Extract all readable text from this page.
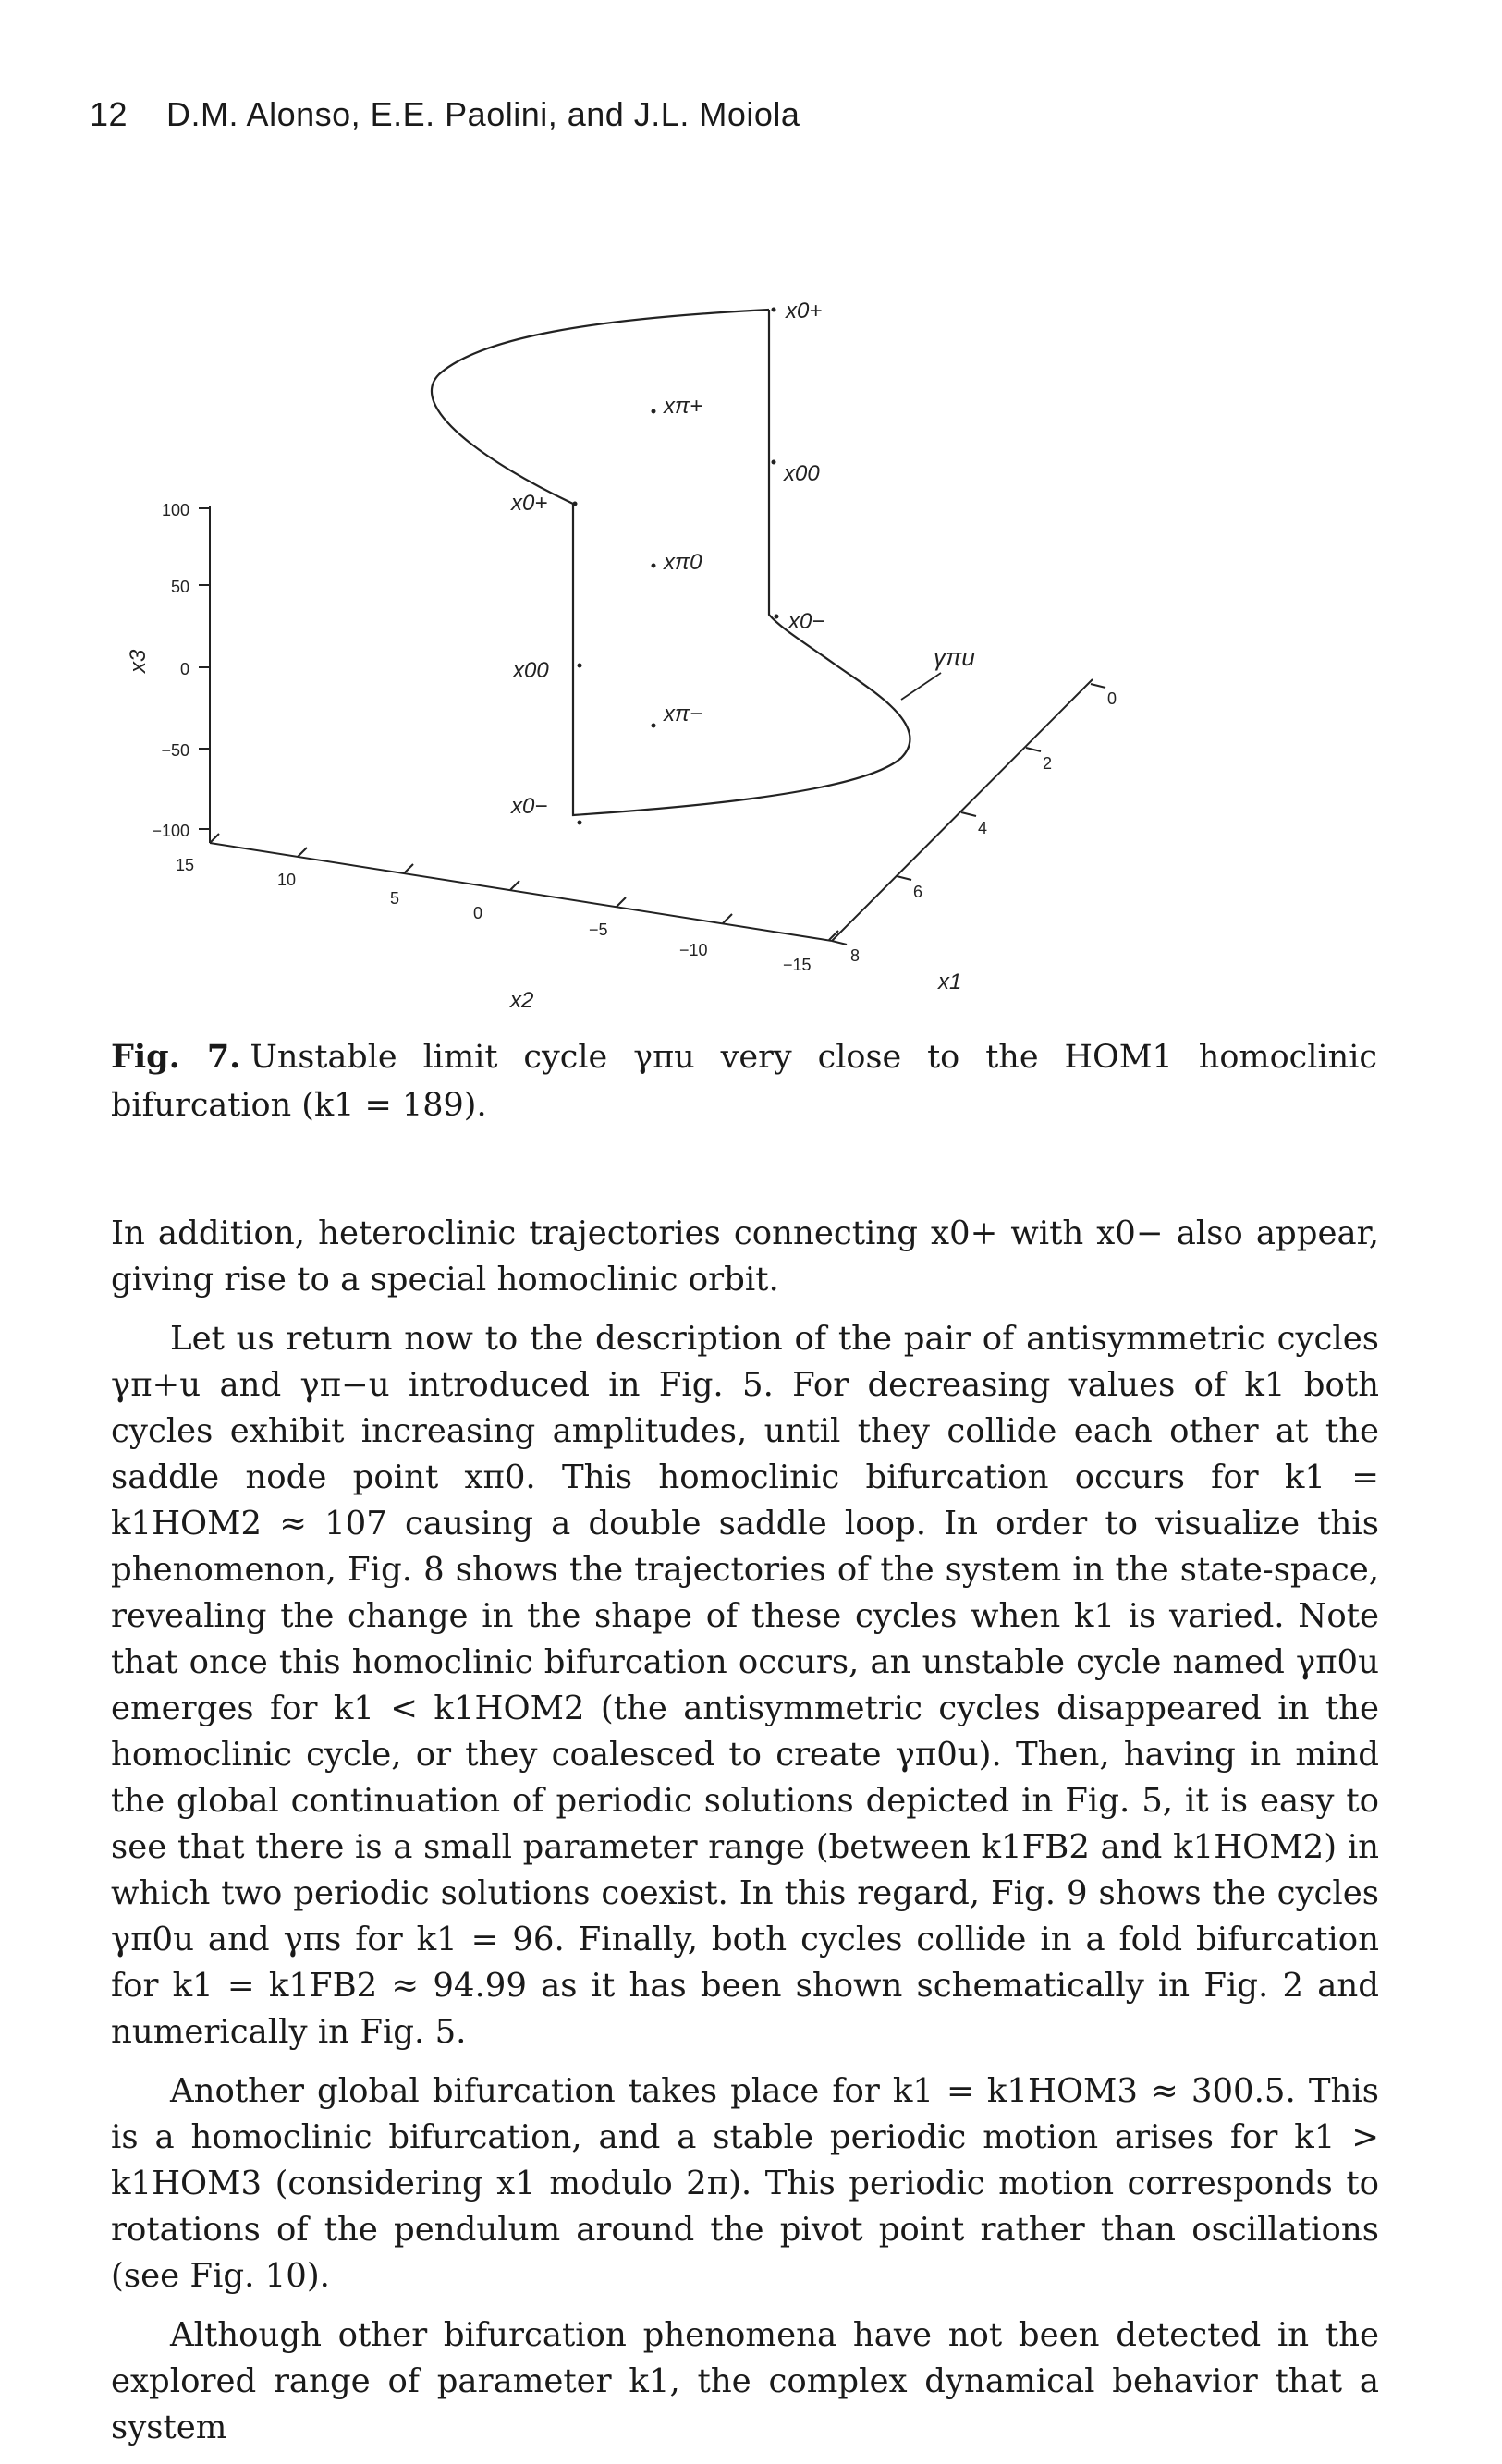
12 D.M. Alonso, E.E. Paolini, and J.L. Moiola
100
50
0
−50
−100
x3
15
10
5
0
−5
−10
−15
x2
0
2
4
6
8
x1
x0+
xπ+
x00
x0+
xπ0
x0−
x00
xπ−
x0−
γπu
Fig. 7. Unstable limit cycle γπu very close to the HOM1 homoclinic bifurcation (k1 = 189).

In addition, heteroclinic trajectories connecting x0+ with x0− also appear, giving rise to a special homoclinic orbit.

Let us return now to the description of the pair of antisymmetric cycles γπ+u and γπ−u introduced in Fig. 5. For decreasing values of k1 both cycles exhibit increasing amplitudes, until they collide each other at the saddle node point xπ0. This homoclinic bifurcation occurs for k1 = k1HOM2 ≈ 107 causing a double saddle loop. In order to visualize this phenomenon, Fig. 8 shows the trajectories of the system in the state-space, revealing the change in the shape of these cycles when k1 is varied. Note that once this homoclinic bifurcation occurs, an unstable cycle named γπ0u emerges for k1 < k1HOM2 (the antisymmetric cycles disappeared in the homoclinic cycle, or they coalesced to create γπ0u). Then, having in mind the global continuation of periodic solutions depicted in Fig. 5, it is easy to see that there is a small parameter range (between k1FB2 and k1HOM2) in which two periodic solutions coexist. In this regard, Fig. 9 shows the cycles γπ0u and γπs for k1 = 96. Finally, both cycles collide in a fold bifurcation for k1 = k1FB2 ≈ 94.99 as it has been shown schematically in Fig. 2 and numerically in Fig. 5.

Another global bifurcation takes place for k1 = k1HOM3 ≈ 300.5. This is a homoclinic bifurcation, and a stable periodic motion arises for k1 > k1HOM3 (considering x1 modulo 2π). This periodic motion corresponds to rotations of the pendulum around the pivot point rather than oscillations (see Fig. 10).

Although other bifurcation phenomena have not been detected in the explored range of parameter k1, the complex dynamical behavior that a system
